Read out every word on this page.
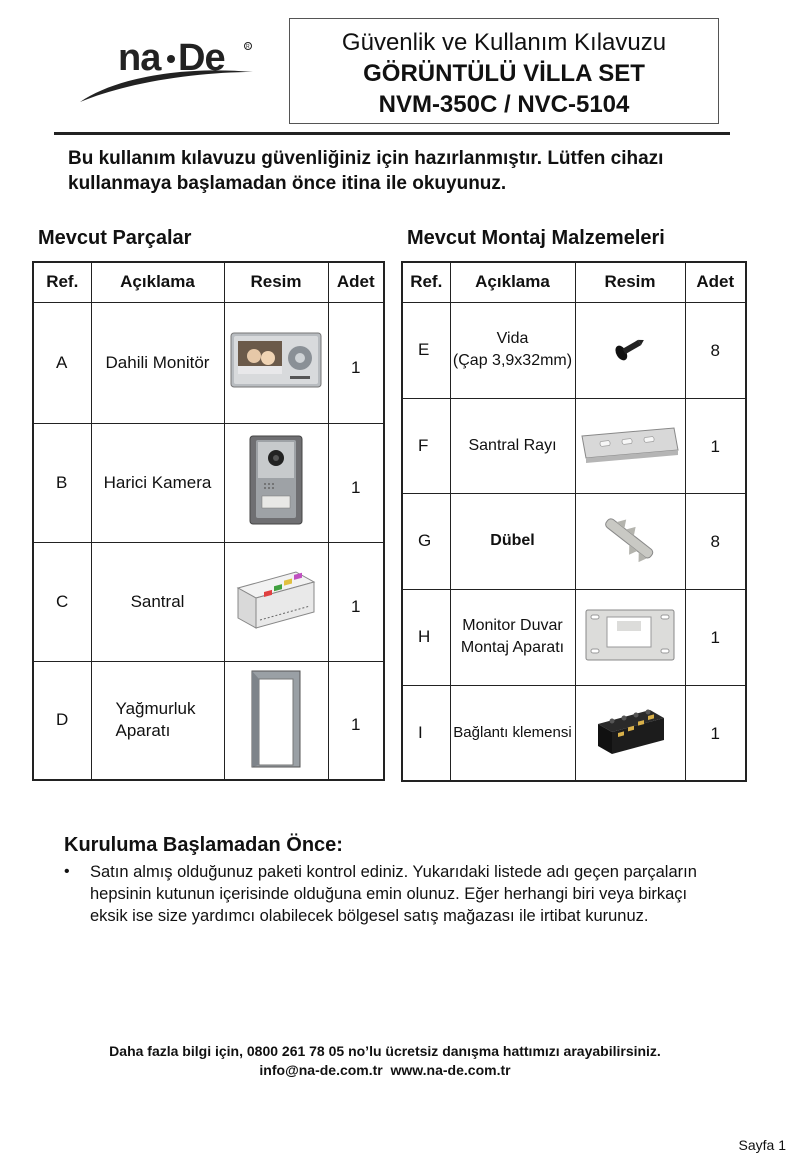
na De	R	Güvenlik ve Kullanım Kılavuzu
GÖRÜNTÜLÜ VİLLA SET
NVM-350C / NVC-5104
Bu kullanım kılavuzu güvenliğiniz için hazırlanmıştır. Lütfen cihazı
kullanmaya başlamadan önce itina ile okuyunuz.
Mevcut Parçalar	Mevcut Montaj Malzemeleri
Ref.	Açıklama	Resim	Adet
A	Dahili Monitör		1
B	Harici Kamera		1
C	Santral		1
D	Yağmurluk
Aparatı		1
Ref.	Açıklama	Resim	Adet
E	Vida
(Çap 3,9x32mm)		8
F	Santral Rayı		1
G	Dübel		8
H	Monitor Duvar
Montaj Aparatı		1
I	Bağlantı klemensi		1
Kuruluma Başlamadan Önce:
•	Satın almış olduğunuz paketi kontrol ediniz. Yukarıdaki listede adı geçen parçaların hepsinin kutunun içerisinde olduğuna emin olunuz. Eğer herhangi biri veya birkaçı eksik ise size yardımcı olabilecek bölgesel satış mağazası ile irtibat kurunuz.
Daha fazla bilgi için, 0800 261 78 05 no’lu ücretsiz danışma hattımızı arayabilirsiniz.
info@na-de.com.tr  www.na-de.com.tr
Sayfa 1
